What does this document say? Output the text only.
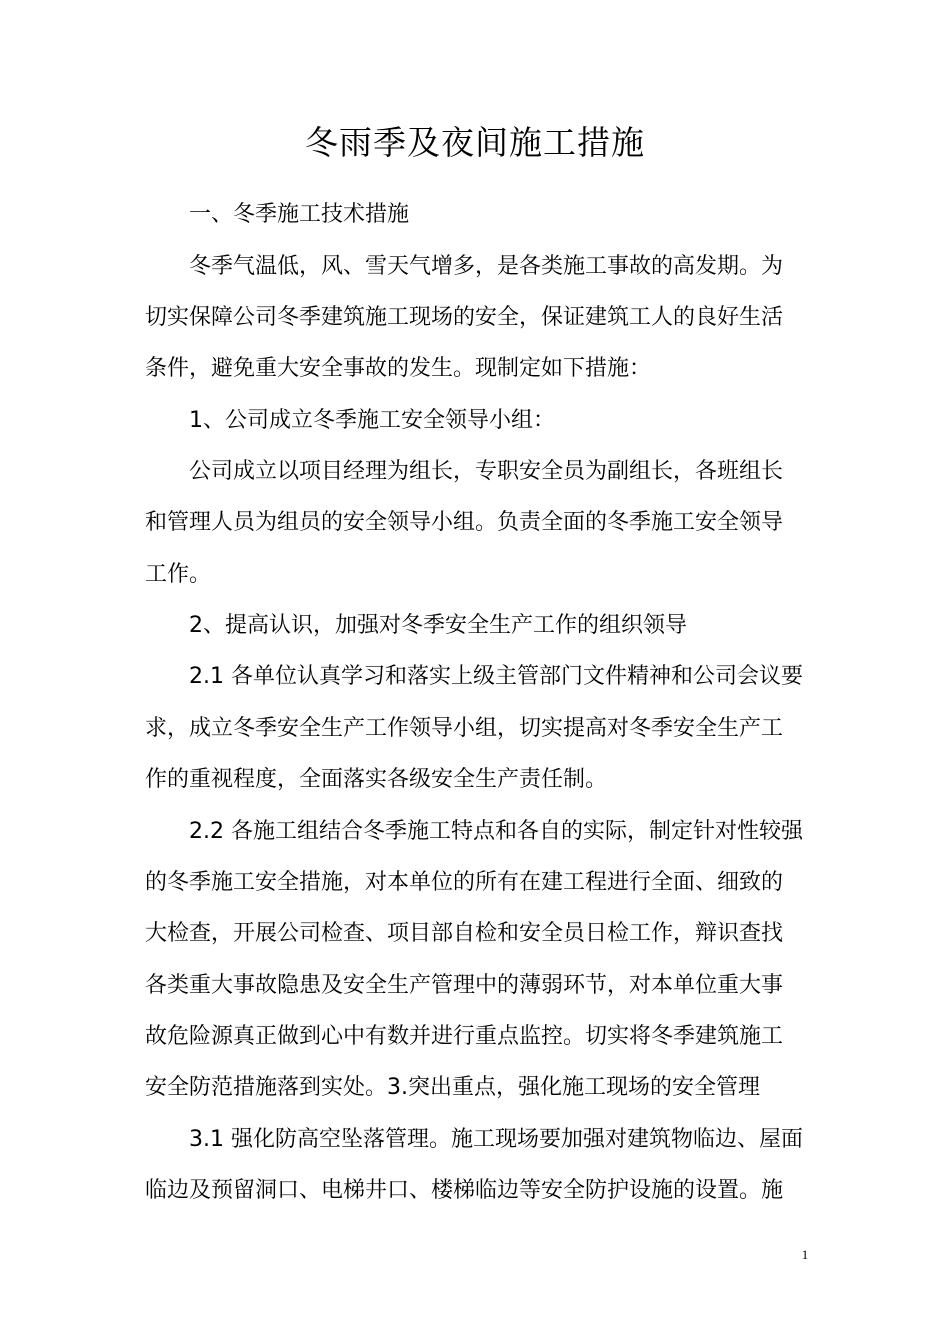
冬雨季及夜间施工措施
一、冬季施工技术措施
冬季气温低，风、雪天气增多，是各类施工事故的高发期。为
切实保障公司冬季建筑施工现场的安全，保证建筑工人的良好生活
条件，避免重大安全事故的发生。现制定如下措施：
1、公司成立冬季施工安全领导小组：
公司成立以项目经理为组长，专职安全员为副组长，各班组长
和管理人员为组员的安全领导小组。负责全面的冬季施工安全领导
工作。
2、提高认识，加强对冬季安全生产工作的组织领导
2.1 各单位认真学习和落实上级主管部门文件精神和公司会议要
求，成立冬季安全生产工作领导小组，切实提高对冬季安全生产工
作的重视程度，全面落实各级安全生产责任制。
2.2 各施工组结合冬季施工特点和各自的实际，制定针对性较强
的冬季施工安全措施，对本单位的所有在建工程进行全面、细致的
大检查，开展公司检查、项目部自检和安全员日检工作，辩识查找
各类重大事故隐患及安全生产管理中的薄弱环节，对本单位重大事
故危险源真正做到心中有数并进行重点监控。切实将冬季建筑施工
安全防范措施落到实处。3.突出重点，强化施工现场的安全管理
3.1 强化防高空坠落管理。施工现场要加强对建筑物临边、屋面
临边及预留洞口、电梯井口、楼梯临边等安全防护设施的设置。施
1
